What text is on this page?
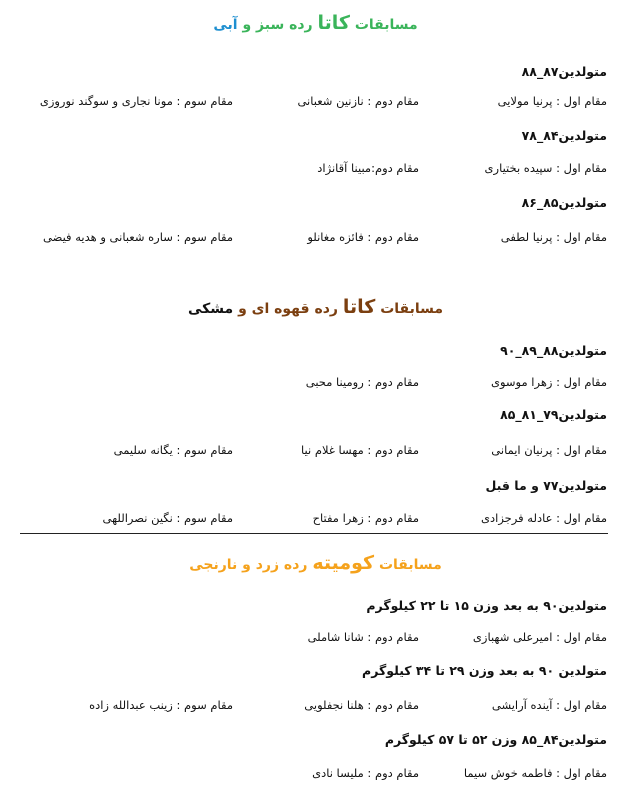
مسابقات کاتا رده سبز و آبی
متولدین۸۷_۸۸
مقام اول : پرنیا مولایی
مقام دوم : نازنین شعبانی
مقام سوم : مونا نجاری و سوگند نوروزی
متولدین۸۴_۷۸
مقام اول : سپیده بختیاری
مقام دوم:مبینا آقانژاد
متولدین۸۵_۸۶
مقام اول : پرنیا لطفی
مقام دوم : فائزه مغانلو
مقام سوم : ساره شعبانی و هدیه فیضی
مسابقات کاتا رده قهوه ای و مشکی
متولدین۸۸_۸۹_۹۰
مقام اول : زهرا موسوی
مقام دوم : رومینا محبی
متولدین۷۹_۸۱_۸۵
مقام اول : پرنیان ایمانی
مقام دوم : مهسا غلام نیا
مقام سوم : یگانه سلیمی
متولدین۷۷ و ما قبل
مقام اول : عادله فرجزادی
مقام دوم : زهرا مفتاح
مقام سوم : نگین نصراللهی
مسابقات کومیته رده زرد و نارنجی
متولدین۹۰ به بعد وزن ۱۵ تا ۲۲ کیلوگرم
مقام اول : امیرعلی شهبازی
مقام دوم : شانا شاملی
متولدین ۹۰ به بعد وزن ۲۹ تا ۳۴ کیلوگرم
مقام اول : آینده آرایشی
مقام دوم : هلنا نجفلویی
مقام سوم : زینب عبدالله زاده
متولدین۸۴_۸۵ وزن ۵۲ تا ۵۷ کیلوگرم
مقام اول : فاطمه خوش سیما
مقام دوم : ملیسا نادی
